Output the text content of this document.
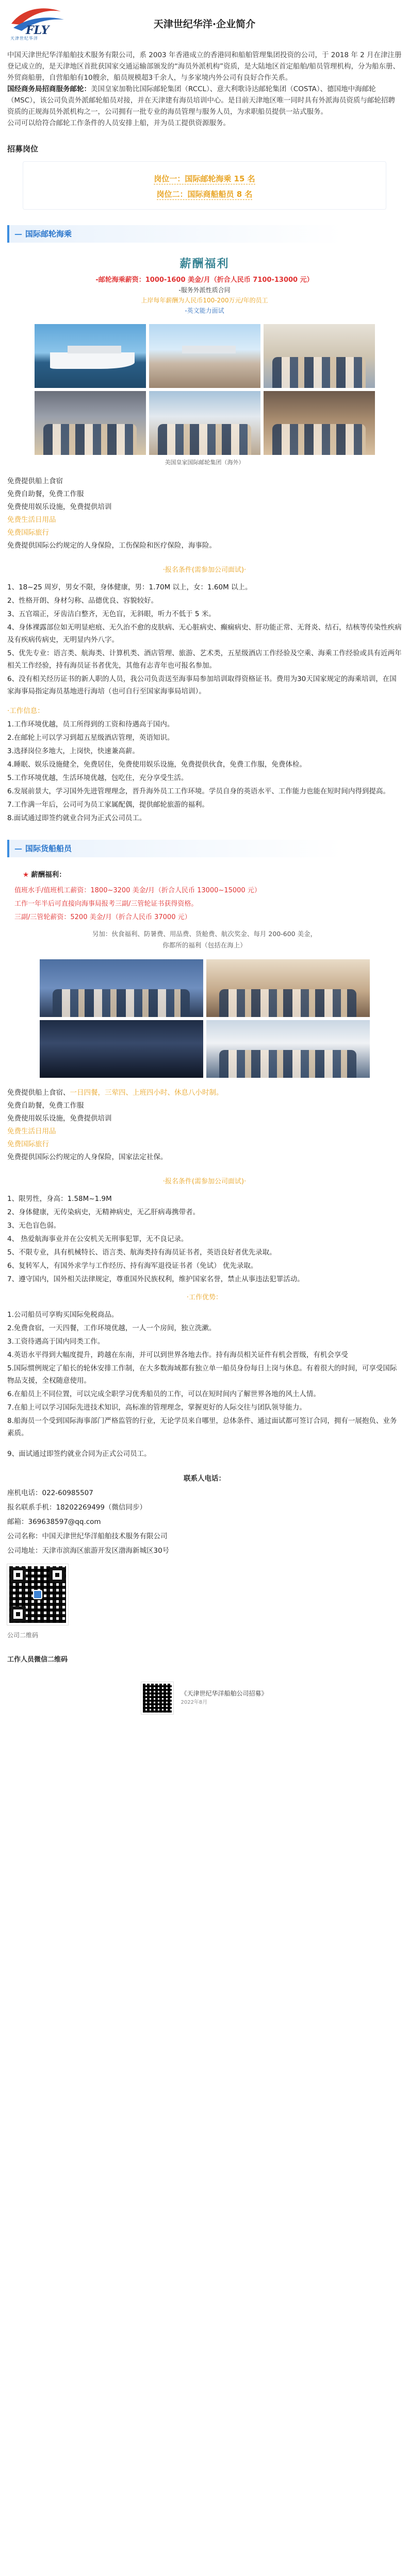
FLY
天津世纪华洋
天津世纪华洋·企业简介

中国天津世纪华洋船舶技术服务有限公司，系 2003 年香港成立的香港同和船舶管理集团投资的公司，于 2018 年 2 月在津注册登记成立的，是天津地区首批获国家交通运输部颁发的“海员外派机构”资质，是大陆地区首定船舶/船员管理机构，分为船东册、外贸商船册，自营船舶有10艘余，船员规模超3千余人，与多家境内外公司有良好合作关系。

国经商务局招商服务邮轮：美国皇家加勒比国际邮轮集团（RCCL）、意大利歌诗达邮轮集团（COSTA）、德国地中海邮轮（MSC），该公司负责外派邮轮船员对接，并在天津建有海员培训中心。是目前天津地区唯一同时具有外派海员资质与邮轮招聘资质的正规海员外派机构之一，公司拥有一批专业的海员管理与服务人员，为求职船员提供一站式服务。

公司可以给符合邮轮工作条件的人员安排上船，并为员工提供资源服务。

招募岗位
岗位一：国际邮轮海乘 15 名
岗位二：国际商船船员 8 名
— 国际邮轮海乘
薪酬福利
-邮轮海乘薪资：1000-1600 美金/月（折合人民币 7100-13000 元）
-服务外派性质合同
上岸每年薪酬为人民币100-200万元/年的员工
-英文能力面试
美国皇家国际邮轮集团（海外）
免费提供船上食宿
免费自助餐，免费工作服
免费使用娱乐设施，免费提供培训
免费生活日用品
免费国际旅行
免费提供国际公约规定的人身保险，工伤保险和医疗保险，海事险。
·报名条件(需参加公司面试)·

1、18~25 周岁，男女不限，身体健康，男：1.70M 以上，女：1.60M 以上。

2、性格开朗、身材匀称、品德优良、容貌较好。

3、五官端正，牙齿洁白整齐，无色盲，无斜眼，听力不低于 5 米。

4、身体裸露部位如无明显疤痕、无久治不愈的皮肤病、无心脏病史、癫痫病史、肝功能正常、无肾炎、结石，结核等传染性疾病及有疾病传病史，无明显内外八字。

5、优先专业：语言类、航海类、计算机类、酒店管理、旅游、艺术类，五星级酒店工作经验及空乘、海乘工作经验或具有近两年相关工作经验，持有海员证书者优先，其他有志青年也可报名参加。

6、没有相关经历证书的新人职的人员，我公司负责送至海事局参加培训取得资格证书。费用为30天国家规定的海乘培训，在国家海事局指定海员基地进行海培（也可自行至国家海事局培训）。

·工作信息：

1.工作环境优越，员工所得到的工资和待遇高于国内。

2.在邮轮上可以学习到超五星级酒店管理，英语知识。

3.选择岗位多地大，上岗快，快速兼高薪。

4.睡眠、娱乐设施健全，免费居住，免费使用娱乐设施，免费提供伙食，免费工作服，免费体检。

5.工作环境优越，生活环境优越，包吃住，充分享受生活。

6.发展前景大，学习国外先进管理理念，晋升海外员工工作环境。学员自身的英语水平、工作能力也能在短时间内得到提高。

7.工作满一年后，公司可为员工家属配偶，提供邮轮旅游的福利。

8.面试通过即签约就业合同为正式公司员工。

— 国际货船船员
★ 薪酬福利：

值班水手/值班机工薪资：1800~3200 美金/月（折合人民币 13000~15000 元）

工作一年半后可直接向海事局报考三副/三管轮证书获得资格。

三副/三管轮薪资：5200 美金/月（折合人民币 37000 元）

另加：伙食福利、防暑费、用品费、货舱费、航次奖金、每月 200-600 美金，
你都所的福利（包括在海上）
免费提供船上食宿、一日四餐，三荤四、上班四小时、休息八小时制。
免费自助餐，免费工作服
免费使用娱乐设施，免费提供培训
免费生活日用品
免费国际旅行
免费提供国际公约规定的人身保险，国家法定社保。
·报名条件(需参加公司面试)·

1、限男性，身高：1.58M~1.9M

2、身体健康，无传染病史，无精神病史，无乙肝病毒携带者。

3、无色盲色弱。

4、 热爱航海事业并在公安机关无刑事犯罪，无不良记录。

5、不限专业，具有机械特长、语言类、航海类持有海员证书者，英语良好者优先录取。

6、复转军人，有国外求学与工作经历、持有海军退役证书者（免试） 优先录取。

7、遵守国内，国外相关法律规定，尊重国外民族权利，维护国家名誉，禁止从事违法犯罪活动。

·工作优势：

1.公司船员可享购买国际免税商品。

2.免费食宿，一天四餐，工作环境优越，一人一个房间，独立洗漱。

3.工资待遇高于国内同类工作。

4.英语水平得到大幅度提升，跨越在东南，并可以到世界各地去作。持有海员相关证件有机会晋级，有机会享受

5.国际惯例规定了船长的轮休安排工作制，在大多数海域都有独立单一船员身份每日上岗与休息。有着很大的时间，可享受国际物品支援，全权随意使用。

6.在船员上不同位置，可以完成全职学习优秀船员的工作，可以在短时间内了解世界各地的风土人情。

7.在船上可以学习国际先进技术知识，高标准的管理理念，掌握更好的人际交往与团队领导能力。

8.船海员一个受到国际海事部门严格监管的行业，无论学员来自哪里，总体条件、通过面试都可签订合同，拥有一展抱负、业务素质。

9、面试通过即签约就业合同为正式公司员工。

联系人电话：
座机电话：022-60985507
报名联系手机：18202269499（微信同步）
邮箱：369638597@qq.com
公司名称：中国天津世纪华洋船舶技术服务有限公司
公司地址：天津市滨海区旅游开发区渤海新城区30号
公司二维码
工作人员微信二维码
《天津世纪华洋船舶公司招募》
2022年8月
